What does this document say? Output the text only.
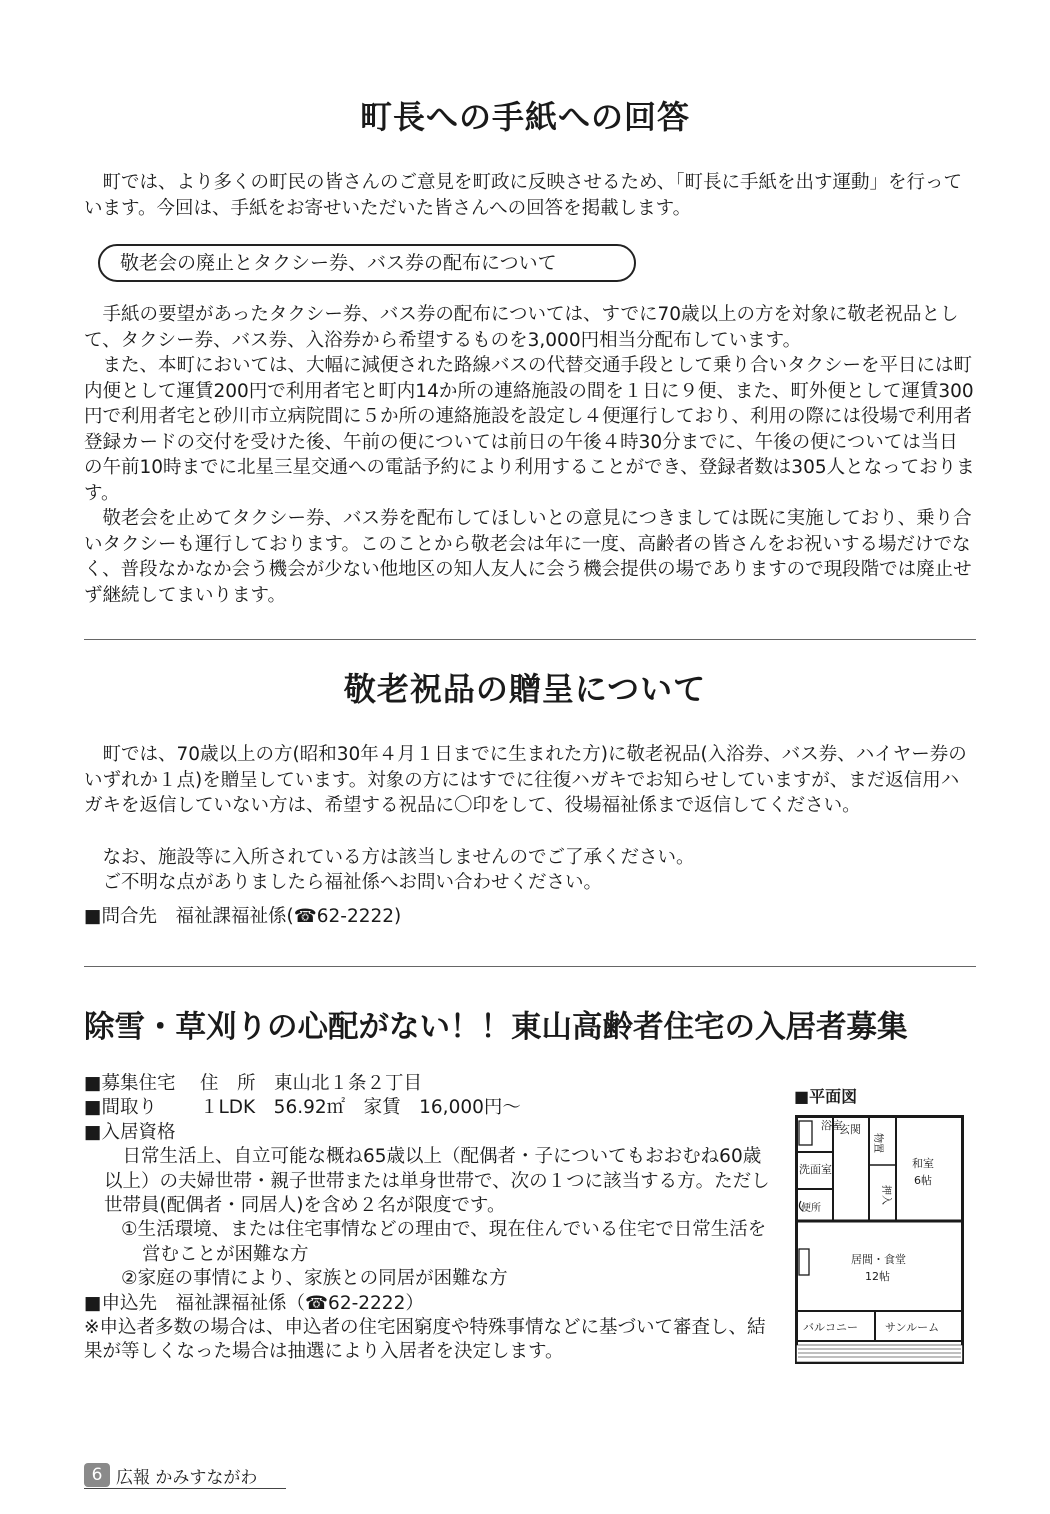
町長への手紙への回答

町では、より多くの町民の皆さんのご意見を町政に反映させるため、「町長に手紙を出す運動」を行っています。今回は、手紙をお寄せいただいた皆さんへの回答を掲載します。

敬老会の廃止とタクシー券、バス券の配布について

手紙の要望があったタクシー券、バス券の配布については、すでに70歳以上の方を対象に敬老祝品として、タクシー券、バス券、入浴券から希望するものを3,000円相当分配布しています。

また、本町においては、大幅に減便された路線バスの代替交通手段として乗り合いタクシーを平日には町内便として運賃200円で利用者宅と町内14か所の連絡施設の間を１日に９便、また、町外便として運賃300円で利用者宅と砂川市立病院間に５か所の連絡施設を設定し４便運行しており、利用の際には役場で利用者登録カードの交付を受けた後、午前の便については前日の午後４時30分までに、午後の便については当日の午前10時までに北星三星交通への電話予約により利用することができ、登録者数は305人となっております。

敬老会を止めてタクシー券、バス券を配布してほしいとの意見につきましては既に実施しており、乗り合いタクシーも運行しております。このことから敬老会は年に一度、高齢者の皆さんをお祝いする場だけでなく、普段なかなか会う機会が少ない他地区の知人友人に会う機会提供の場でありますので現段階では廃止せず継続してまいります。

敬老祝品の贈呈について

町では、70歳以上の方(昭和30年４月１日までに生まれた方)に敬老祝品(入浴券、バス券、ハイヤー券のいずれか１点)を贈呈しています。対象の方にはすでに往復ハガキでお知らせしていますが、まだ返信用ハガキを返信していない方は、希望する祝品に〇印をして、役場福祉係まで返信してください。

なお、施設等に入所されている方は該当しませんのでご了承ください。

ご不明な点がありましたら福祉係へお問い合わせください。

■問合先　 福祉課福祉係(☎62-2222)
除雪・草刈りの心配がない！！東山高齢者住宅の入居者募集

■募集住宅 住　所　東山北１条２丁目

■間取り １LDK　56.92㎡　家賃　16,000円～

■入居資格

日常生活上、自立可能な概ね65歳以上（配偶者・子についてもおおむね60歳以上）の夫婦世帯・親子世帯または単身世帯で、次の１つに該当する方。ただし世帯員(配偶者・同居人)を含め２名が限度です。

①生活環境、または住宅事情などの理由で、現在住んでいる住宅で日常生活を営むことが困難な方

②家庭の事情により、家族との同居が困難な方

■申込先　 福祉課福祉係（☎62-2222）

※申込者多数の場合は、申込者の住宅困窮度や特殊事情などに基づいて審査し、結果が等しくなった場合は抽選により入居者を決定します。

■平面図
浴室
玄関
物置
洗面室
便所
押入
和室
6帖
居間・食堂
12帖
バルコニー サンルーム
6 広報 かみすながわ
